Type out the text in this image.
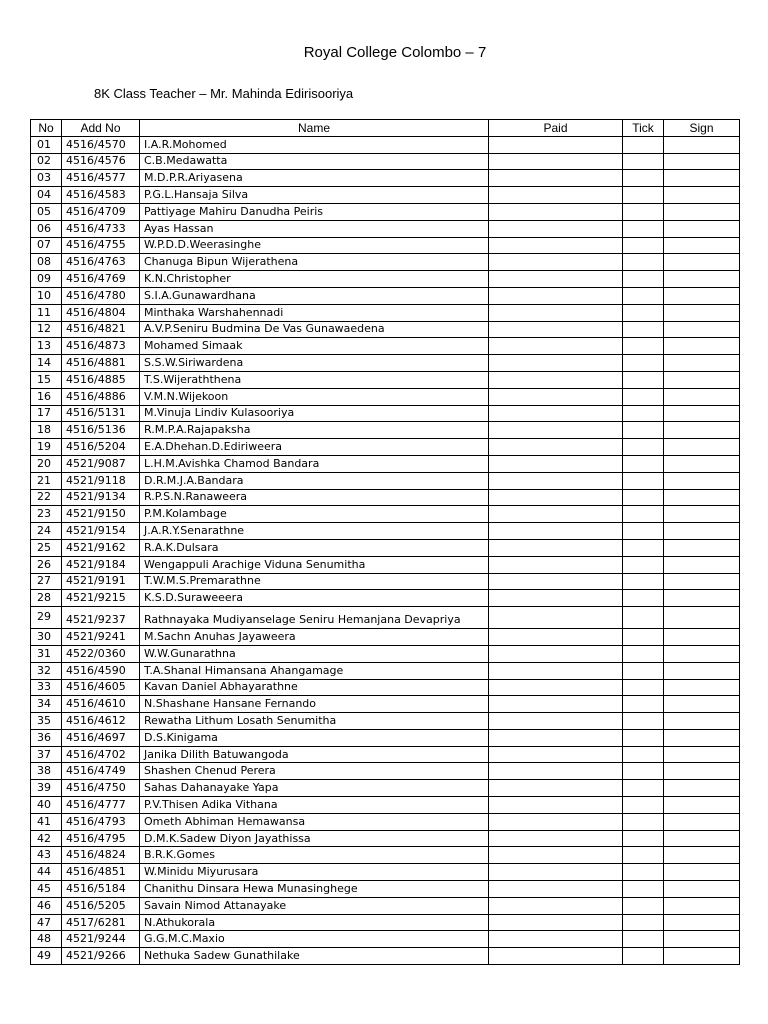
Royal College Colombo – 7
8K Class Teacher – Mr. Mahinda Edirisooriya
No	Add No	Name	Paid	Tick	Sign
01	4516/4570	I.A.R.Mohomed			
02	4516/4576	C.B.Medawatta			
03	4516/4577	M.D.P.R.Ariyasena			
04	4516/4583	P.G.L.Hansaja Silva			
05	4516/4709	Pattiyage Mahiru Danudha Peiris			
06	4516/4733	Ayas Hassan			
07	4516/4755	W.P.D.D.Weerasinghe			
08	4516/4763	Chanuga Bipun Wijerathena			
09	4516/4769	K.N.Christopher			
10	4516/4780	S.I.A.Gunawardhana			
11	4516/4804	Minthaka Warshahennadi			
12	4516/4821	A.V.P.Seniru Budmina De Vas Gunawaedena			
13	4516/4873	Mohamed Simaak			
14	4516/4881	S.S.W.Siriwardena			
15	4516/4885	T.S.Wijeraththena			
16	4516/4886	V.M.N.Wijekoon			
17	4516/5131	M.Vinuja Lindiv Kulasooriya			
18	4516/5136	R.M.P.A.Rajapaksha			
19	4516/5204	E.A.Dhehan.D.Ediriweera			
20	4521/9087	L.H.M.Avishka Chamod Bandara			
21	4521/9118	D.R.M.J.A.Bandara			
22	4521/9134	R.P.S.N.Ranaweera			
23	4521/9150	P.M.Kolambage			
24	4521/9154	J.A.R.Y.Senarathne			
25	4521/9162	R.A.K.Dulsara			
26	4521/9184	Wengappuli Arachige Viduna Senumitha			
27	4521/9191	T.W.M.S.Premarathne			
28	4521/9215	K.S.D.Suraweeera			
29	4521/9237	Rathnayaka Mudiyanselage Seniru Hemanjana Devapriya			
30	4521/9241	M.Sachn Anuhas Jayaweera			
31	4522/0360	W.W.Gunarathna			
32	4516/4590	T.A.Shanal Himansana Ahangamage			
33	4516/4605	Kavan Daniel Abhayarathne			
34	4516/4610	N.Shashane Hansane Fernando			
35	4516/4612	Rewatha Lithum Losath Senumitha			
36	4516/4697	D.S.Kinigama			
37	4516/4702	Janika Dilith Batuwangoda			
38	4516/4749	Shashen Chenud Perera			
39	4516/4750	Sahas Dahanayake Yapa			
40	4516/4777	P.V.Thisen Adika Vithana			
41	4516/4793	Ometh Abhiman Hemawansa			
42	4516/4795	D.M.K.Sadew Diyon Jayathissa			
43	4516/4824	B.R.K.Gomes			
44	4516/4851	W.Minidu Miyurusara			
45	4516/5184	Chanithu Dinsara Hewa Munasinghege			
46	4516/5205	Savain Nimod Attanayake			
47	4517/6281	N.Athukorala			
48	4521/9244	G.G.M.C.Maxio			
49	4521/9266	Nethuka Sadew Gunathilake			
